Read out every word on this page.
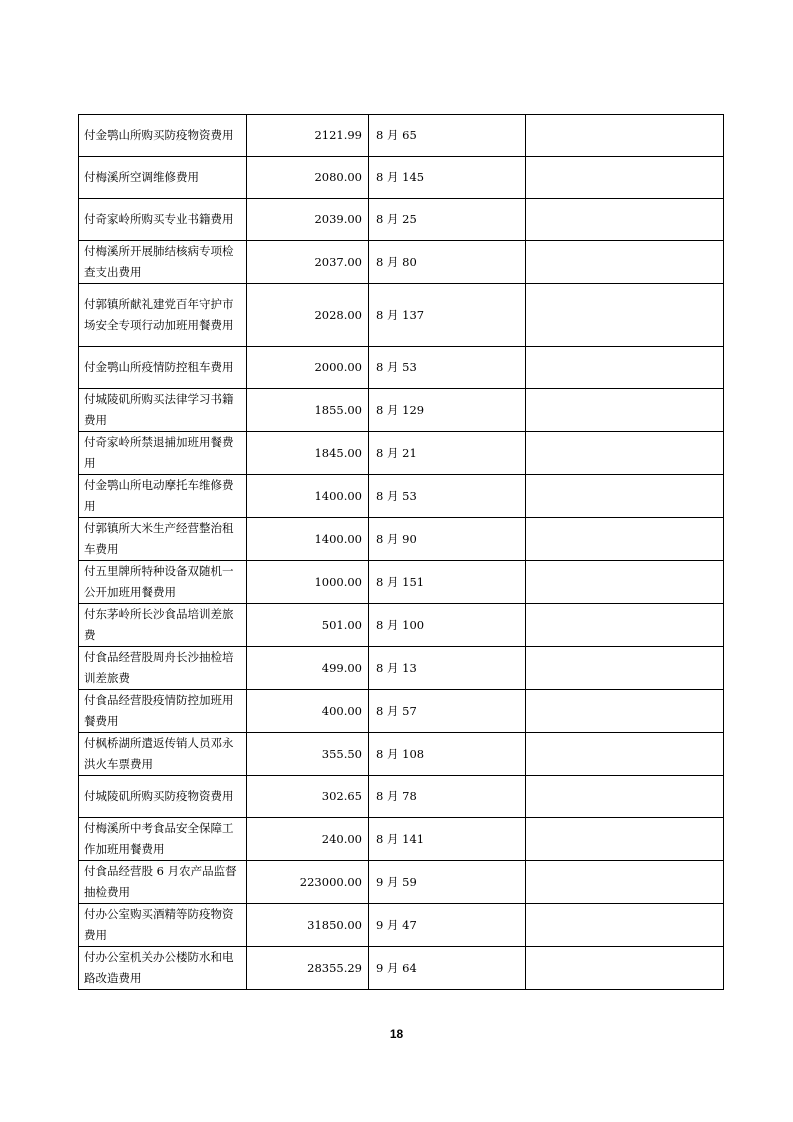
付金鹗山所购买防疫物资费用	2121.99	8 月 65	
付梅溪所空调维修费用	2080.00	8 月 145	
付奇家岭所购买专业书籍费用	2039.00	8 月 25	
付梅溪所开展肺结核病专项检查支出费用	2037.00	8 月 80	
付郭镇所献礼建党百年守护市场安全专项行动加班用餐费用	2028.00	8 月 137	
付金鹗山所疫情防控租车费用	2000.00	8 月 53	
付城陵矶所购买法律学习书籍费用	1855.00	8 月 129	
付奇家岭所禁退捕加班用餐费用	1845.00	8 月 21	
付金鹗山所电动摩托车维修费用	1400.00	8 月 53	
付郭镇所大米生产经营整治租车费用	1400.00	8 月 90	
付五里牌所特种设备双随机一公开加班用餐费用	1000.00	8 月 151	
付东茅岭所长沙食品培训差旅费	501.00	8 月 100	
付食品经营股周舟长沙抽检培训差旅费	499.00	8 月 13	
付食品经营股疫情防控加班用餐费用	400.00	8 月 57	
付枫桥湖所遣返传销人员邓永洪火车票费用	355.50	8 月 108	
付城陵矶所购买防疫物资费用	302.65	8 月 78	
付梅溪所中考食品安全保障工作加班用餐费用	240.00	8 月 141	
付食品经营股 6 月农产品监督抽检费用	223000.00	9 月 59	
付办公室购买酒精等防疫物资费用	31850.00	9 月 47	
付办公室机关办公楼防水和电路改造费用	28355.29	9 月 64	
18
